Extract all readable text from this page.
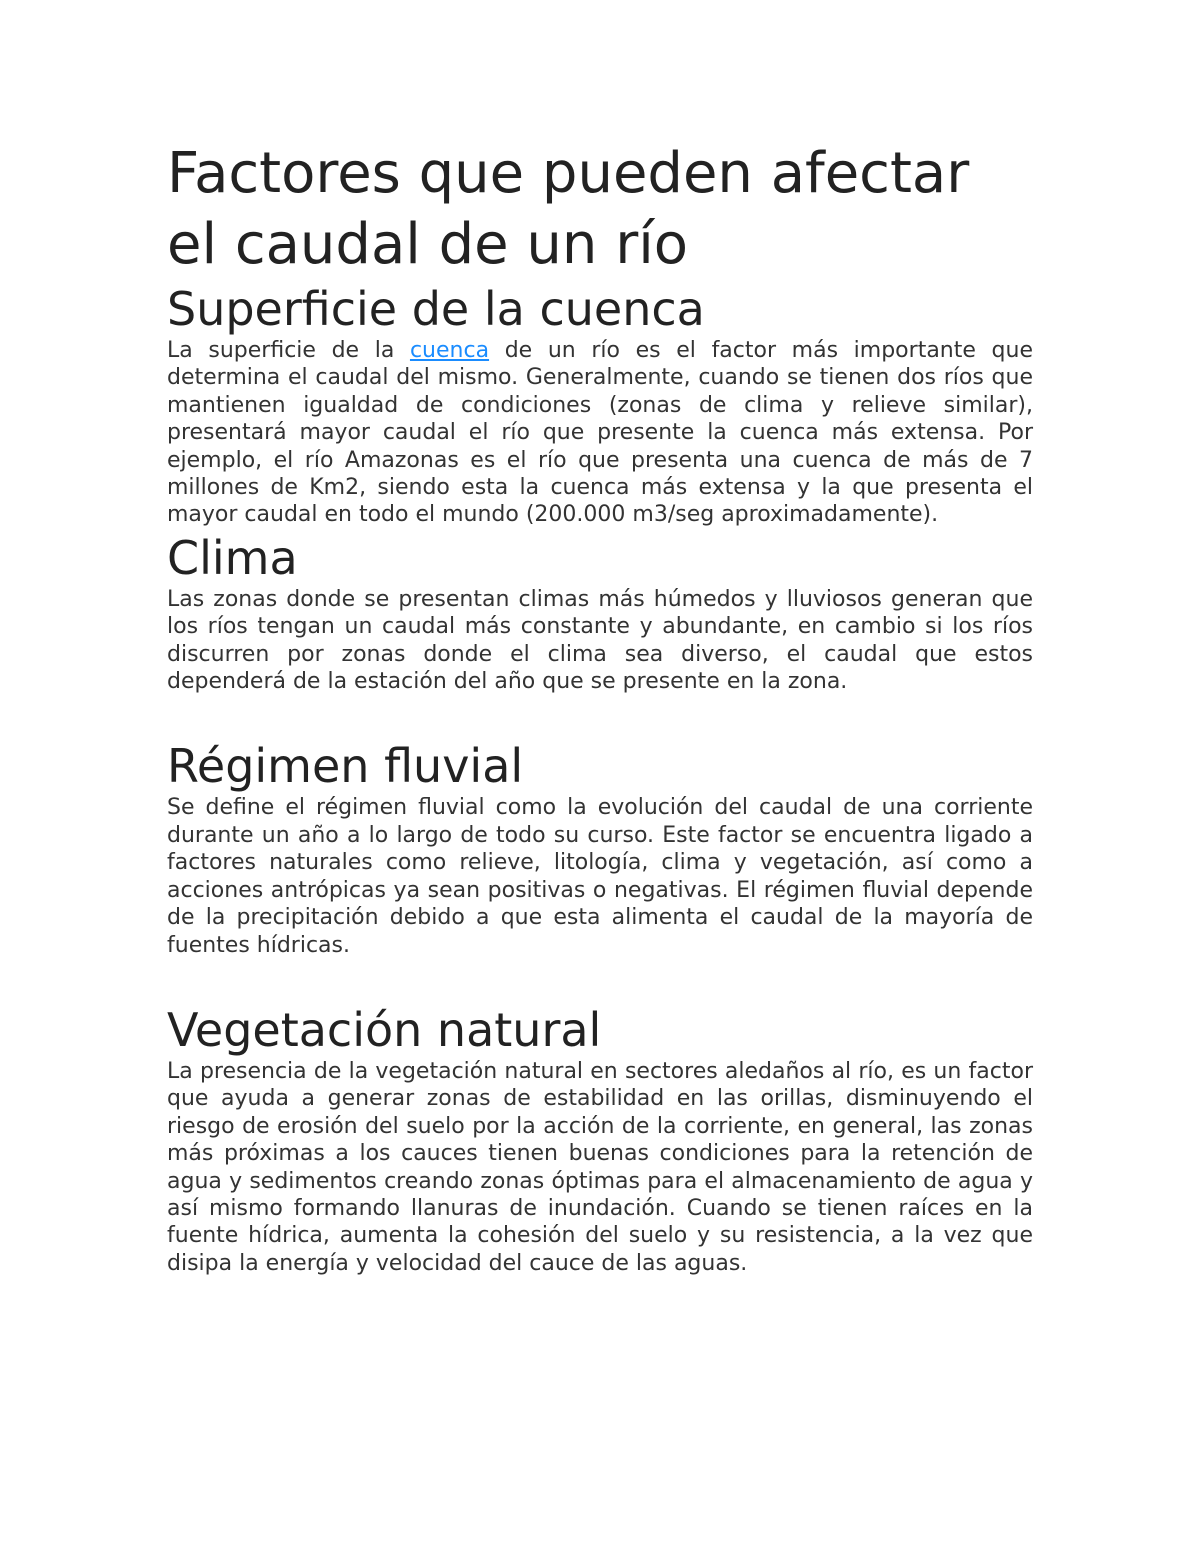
Factores que pueden afectar el caudal de un río
Superficie de la cuenca

La superficie de la cuenca de un río es el factor más importante que determina el caudal del mismo. Generalmente, cuando se tienen dos ríos que mantienen igualdad de condiciones (zonas de clima y relieve similar), presentará mayor caudal el río que presente la cuenca más extensa. Por ejemplo, el río Amazonas es el río que presenta una cuenca de más de 7 millones de Km2, siendo esta la cuenca más extensa y la que presenta el mayor caudal en todo el mundo (200.000 m3/seg aproximadamente).

Clima

Las zonas donde se presentan climas más húmedos y lluviosos generan que los ríos tengan un caudal más constante y abundante, en cambio si los ríos discurren por zonas donde el clima sea diverso, el caudal que estos dependerá de la estación del año que se presente en la zona.

Régimen fluvial

Se define el régimen fluvial como la evolución del caudal de una corriente durante un año a lo largo de todo su curso. Este factor se encuentra ligado a factores naturales como relieve, litología, clima y vegetación, así como a acciones antrópicas ya sean positivas o negativas. El régimen fluvial depende de la precipitación debido a que esta alimenta el caudal de la mayoría de fuentes hídricas.

Vegetación natural

La presencia de la vegetación natural en sectores aledaños al río, es un factor que ayuda a generar zonas de estabilidad en las orillas, disminuyendo el riesgo de erosión del suelo por la acción de la corriente, en general, las zonas más próximas a los cauces tienen buenas condiciones para la retención de agua y sedimentos creando zonas óptimas para el almacenamiento de agua y así mismo formando llanuras de inundación. Cuando se tienen raíces en la fuente hídrica, aumenta la cohesión del suelo y su resistencia, a la vez que disipa la energía y velocidad del cauce de las aguas.
